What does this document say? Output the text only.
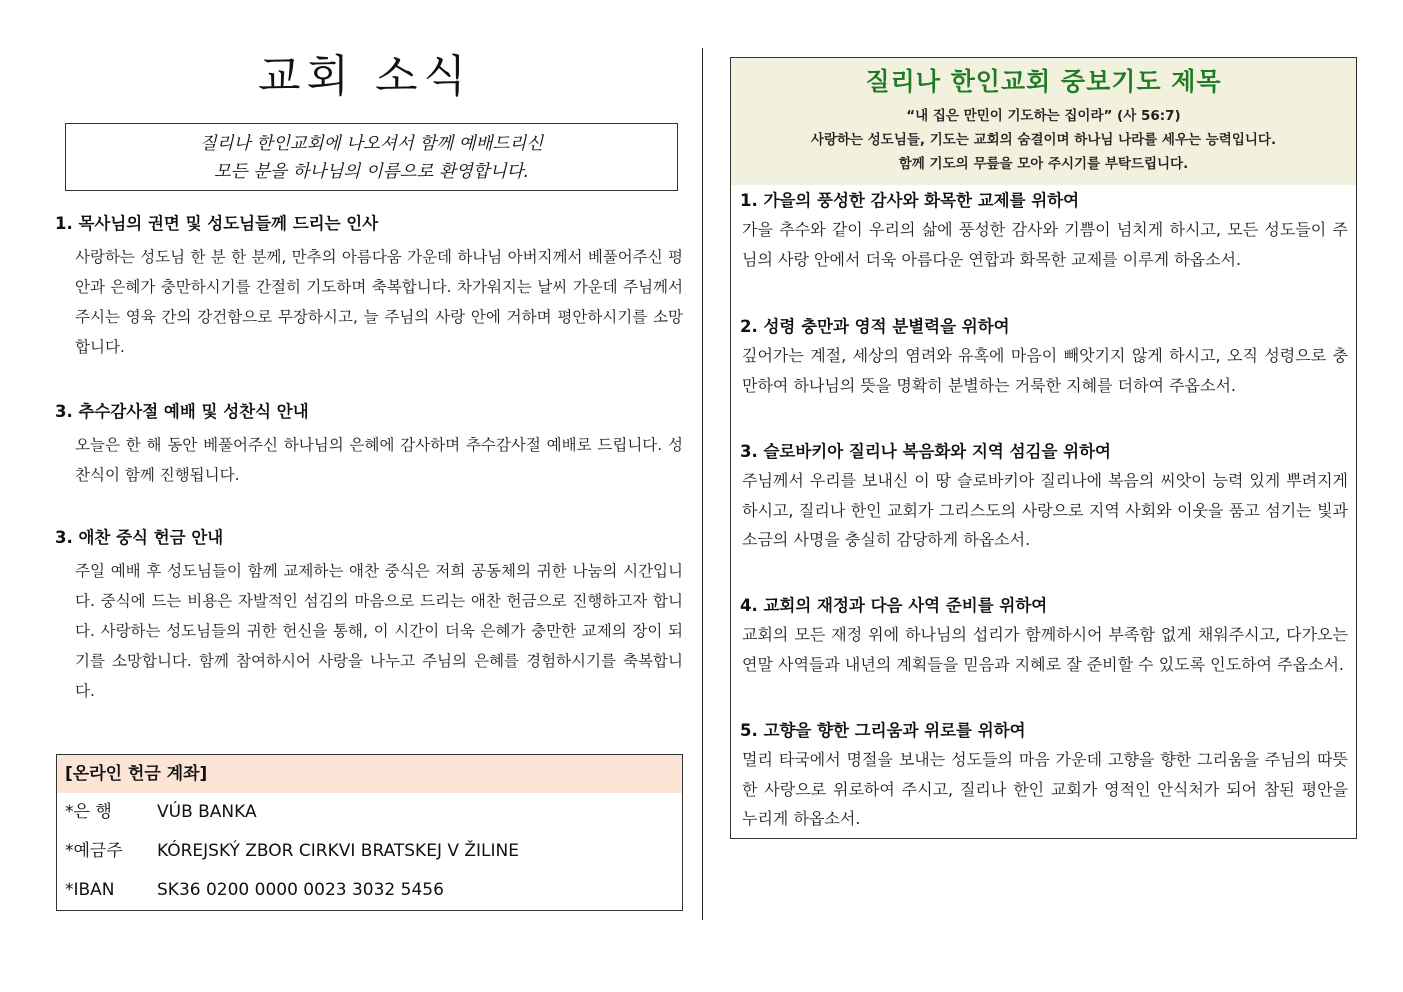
교회 소식
질리나 한인교회에 나오셔서 함께 예배드리신
모든 분을 하나님의 이름으로 환영합니다.
1. 목사님의 권면 및 성도님들께 드리는 인사
사랑하는 성도님 한 분 한 분께, 만추의 아름다움 가운데 하나님 아버지께서 베풀어주신 평안과 은혜가 충만하시기를 간절히 기도하며 축복합니다. 차가워지는 날씨 가운데 주님께서 주시는 영육 간의 강건함으로 무장하시고, 늘 주님의 사랑 안에 거하며 평안하시기를 소망합니다.
3. 추수감사절 예배 및 성찬식 안내
오늘은 한 해 동안 베풀어주신 하나님의 은혜에 감사하며 추수감사절 예배로 드립니다. 성찬식이 함께 진행됩니다.
3. 애찬 중식 헌금 안내
주일 예배 후 성도님들이 함께 교제하는 애찬 중식은 저희 공동체의 귀한 나눔의 시간입니다. 중식에 드는 비용은 자발적인 섬김의 마음으로 드리는 애찬 헌금으로 진행하고자 합니다. 사랑하는 성도님들의 귀한 헌신을 통해, 이 시간이 더욱 은혜가 충만한 교제의 장이 되기를 소망합니다. 함께 참여하시어 사랑을 나누고 주님의 은혜를 경험하시기를 축복합니다.
[온라인 헌금 계좌]
*은 행	VÚB BANKA
*예금주	KÓREJSKÝ ZBOR CIRKVI BRATSKEJ V ŽILINE
*IBAN	SK36 0200 0000 0023 3032 5456
질리나 한인교회 중보기도 제목
“내 집은 만민이 기도하는 집이라” (사 56:7)
사랑하는 성도님들, 기도는 교회의 숨결이며 하나님 나라를 세우는 능력입니다.
함께 기도의 무릎을 모아 주시기를 부탁드립니다.
1. 가을의 풍성한 감사와 화목한 교제를 위하여
가을 추수와 같이 우리의 삶에 풍성한 감사와 기쁨이 넘치게 하시고, 모든 성도들이 주님의 사랑 안에서 더욱 아름다운 연합과 화목한 교제를 이루게 하옵소서.
2. 성령 충만과 영적 분별력을 위하여
깊어가는 계절, 세상의 염려와 유혹에 마음이 빼앗기지 않게 하시고, 오직 성령으로 충만하여 하나님의 뜻을 명확히 분별하는 거룩한 지혜를 더하여 주옵소서.
3. 슬로바키아 질리나 복음화와 지역 섬김을 위하여
주님께서 우리를 보내신 이 땅 슬로바키아 질리나에 복음의 씨앗이 능력 있게 뿌려지게 하시고, 질리나 한인 교회가 그리스도의 사랑으로 지역 사회와 이웃을 품고 섬기는 빛과 소금의 사명을 충실히 감당하게 하옵소서.
4. 교회의 재정과 다음 사역 준비를 위하여
교회의 모든 재정 위에 하나님의 섭리가 함께하시어 부족함 없게 채워주시고, 다가오는 연말 사역들과 내년의 계획들을 믿음과 지혜로 잘 준비할 수 있도록 인도하여 주옵소서.
5. 고향을 향한 그리움과 위로를 위하여
멀리 타국에서 명절을 보내는 성도들의 마음 가운데 고향을 향한 그리움을 주님의 따뜻한 사랑으로 위로하여 주시고, 질리나 한인 교회가 영적인 안식처가 되어 참된 평안을 누리게 하옵소서.
